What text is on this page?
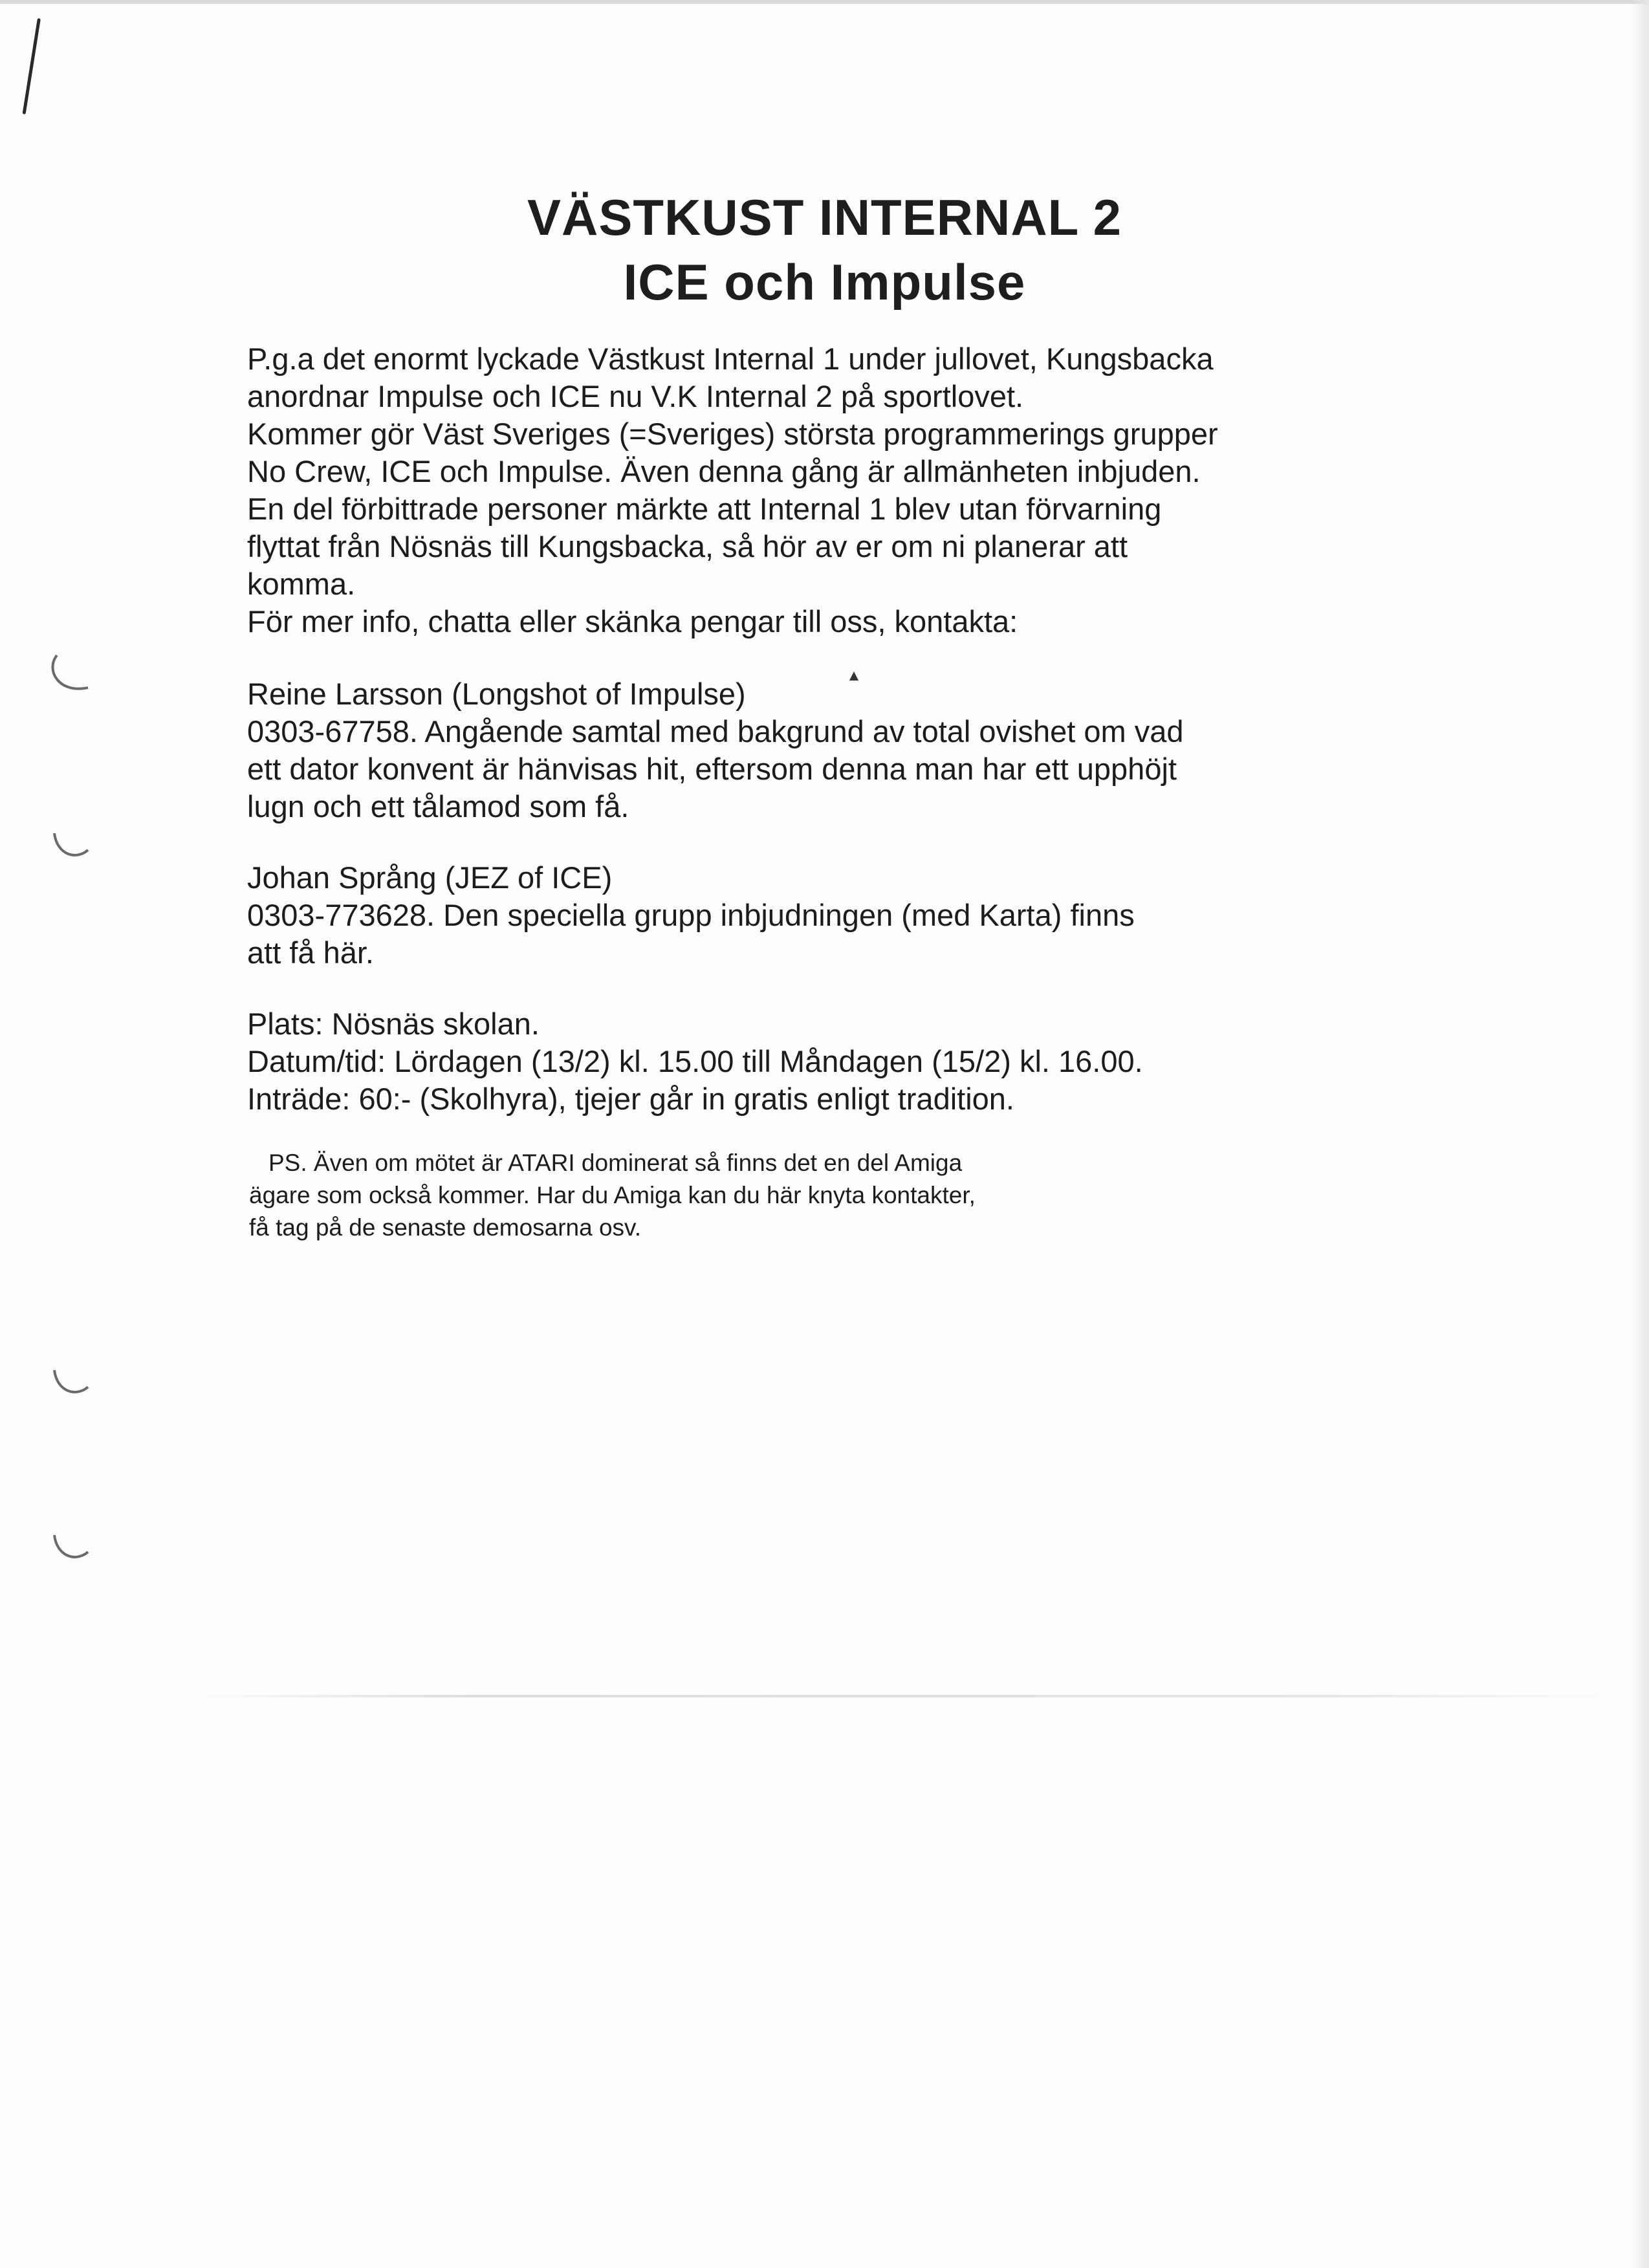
VÄSTKUST INTERNAL 2
ICE och Impulse
P.g.a det enormt lyckade Västkust Internal 1 under jullovet, Kungsbacka
anordnar Impulse och ICE nu V.K Internal 2 på sportlovet.
Kommer gör Väst Sveriges (=Sveriges) största programmerings grupper
No Crew, ICE och Impulse. Även denna gång är allmänheten inbjuden.
En del förbittrade personer märkte att Internal 1 blev utan förvarning
flyttat från Nösnäs till Kungsbacka, så hör av er om ni planerar att
komma.
För mer info, chatta eller skänka pengar till oss, kontakta:
Reine Larsson (Longshot of Impulse)
0303-67758. Angående samtal med bakgrund av total ovishet om vad
ett dator konvent är hänvisas hit, eftersom denna man har ett upphöjt
lugn och ett tålamod som få.
Johan Språng (JEZ of ICE)
0303-773628. Den speciella grupp inbjudningen (med Karta) finns
att få här.
Plats: Nösnäs skolan.
Datum/tid: Lördagen (13/2) kl. 15.00 till Måndagen (15/2) kl. 16.00.
Inträde: 60:- (Skolhyra), tjejer går in gratis enligt tradition.
PS. Även om mötet är ATARI dominerat så finns det en del Amiga
ägare som också kommer. Har du Amiga kan du här knyta kontakter,
få tag på de senaste demosarna osv.
